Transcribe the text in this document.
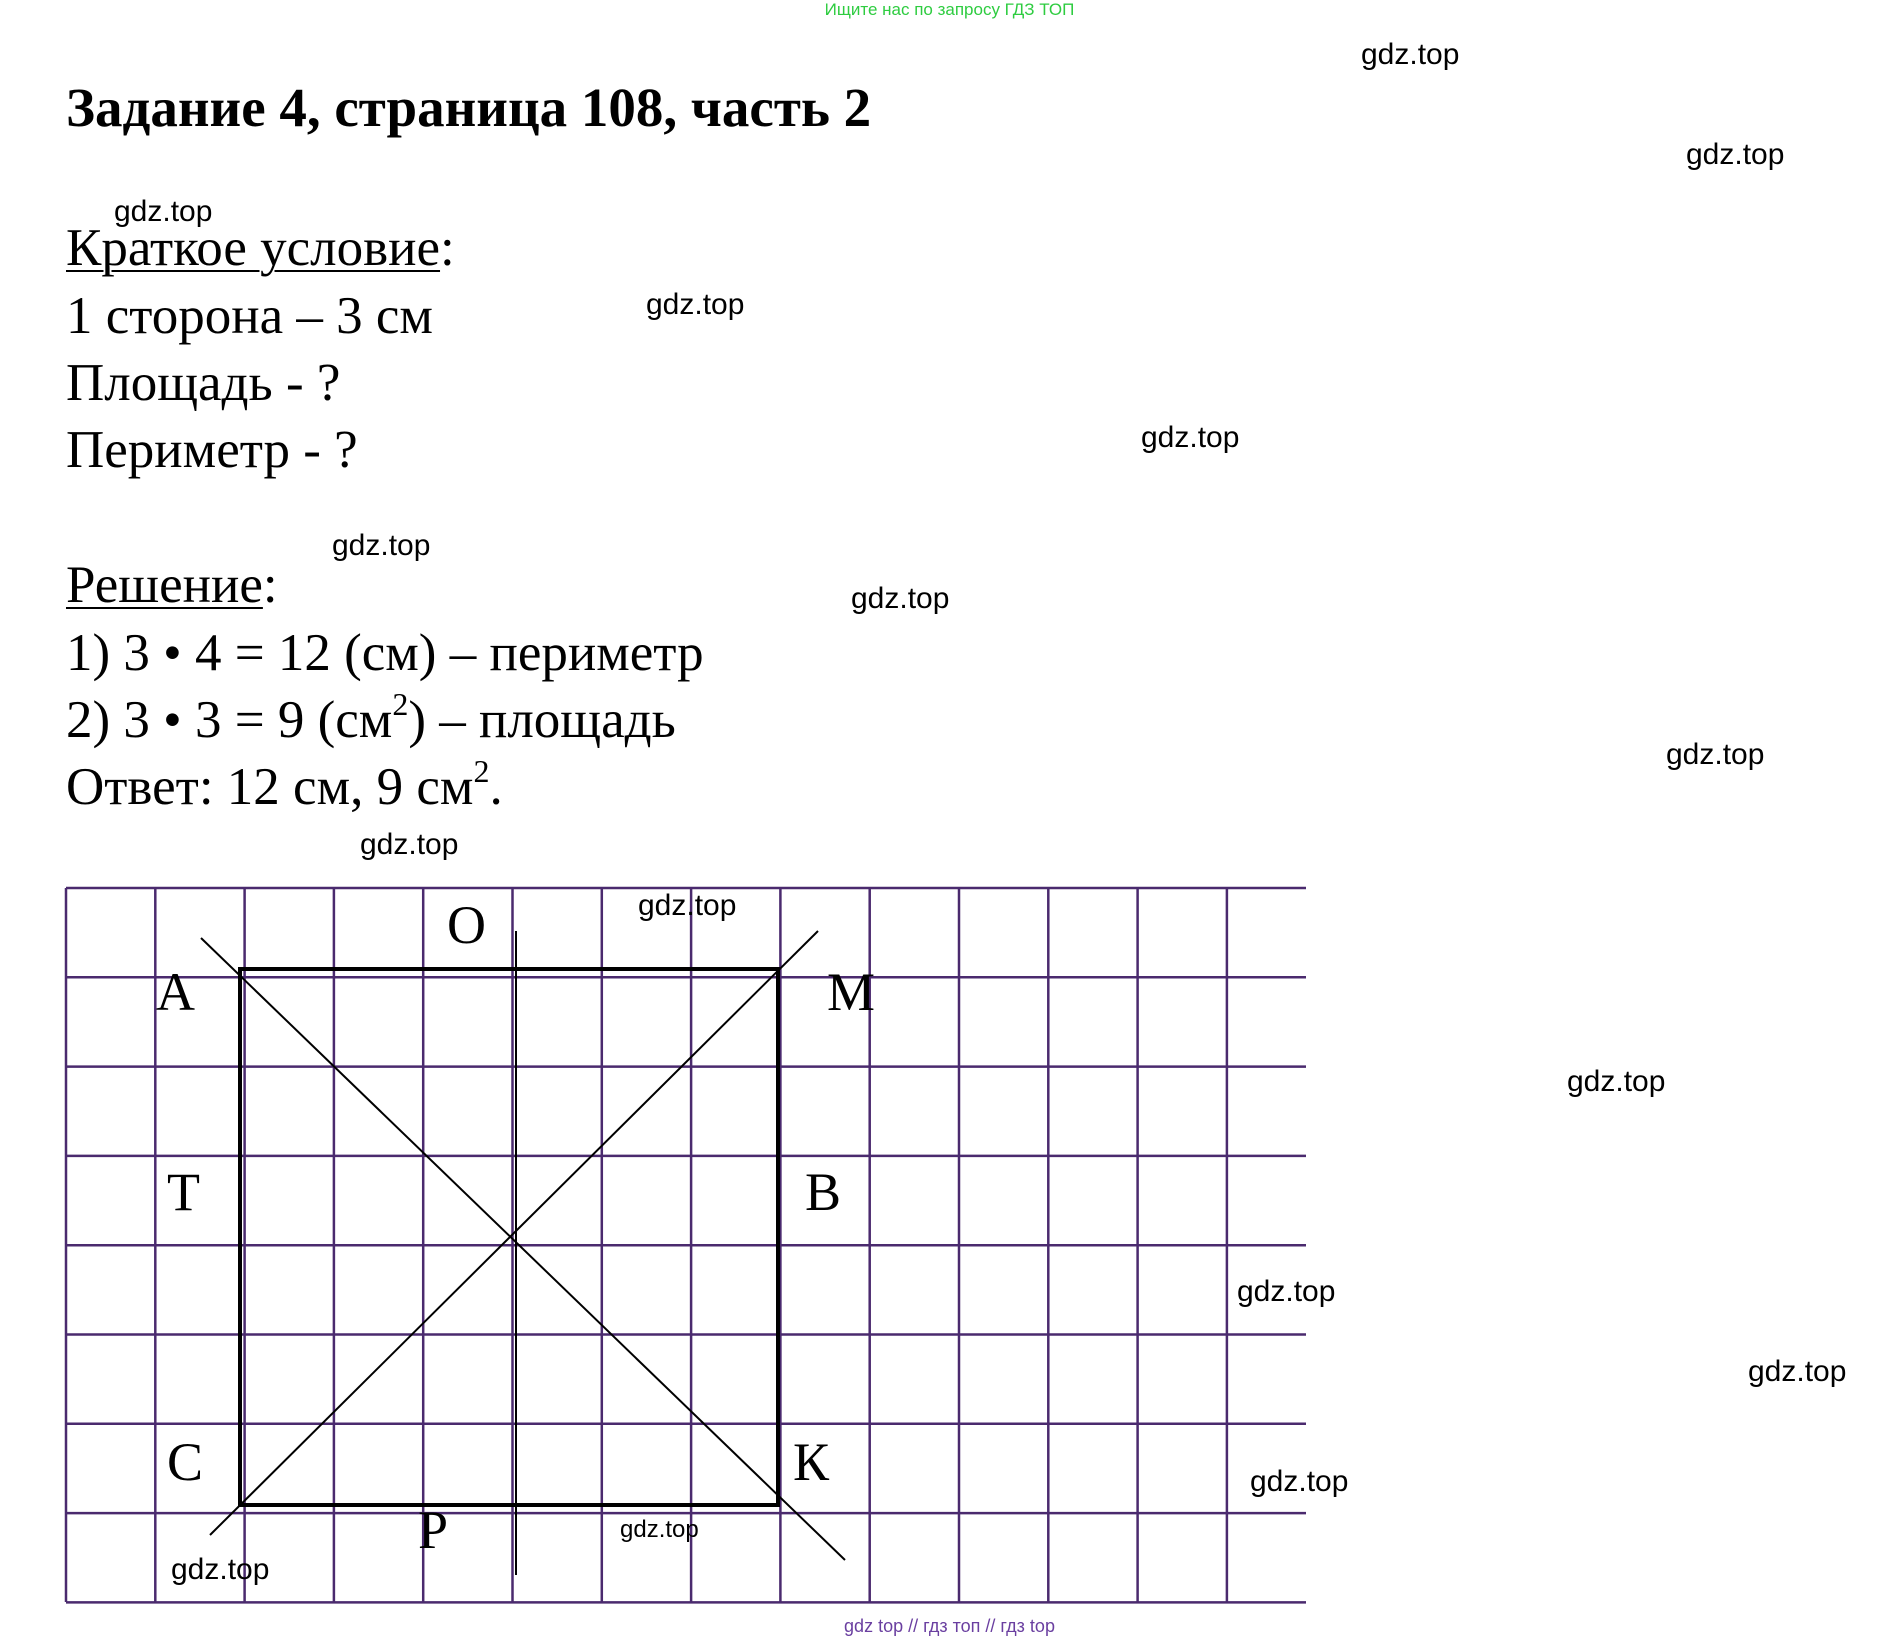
Ищите нас по запросу ГДЗ ТОП
Задание 4, страница 108, часть 2
Краткое условие:
1 сторона – 3 см
Площадь - ?
Периметр - ?
Решение:
1) 3 • 4 = 12 (см) – периметр
2) 3 • 3 = 9 $(см^2)$ – площадь
Ответ: 12 см, 9 $см^2$.
А
О
М
Т	В
С
Р
К
gdz.top
gdz.top
gdz.top
gdz.top
gdz.top
gdz.top
gdz.top
gdz.top
gdz.top
gdz.top
gdz.top
gdz.top
gdz.top
gdz.top
gdz.top
gdz.top
gdz top // гдз топ // гдз top
